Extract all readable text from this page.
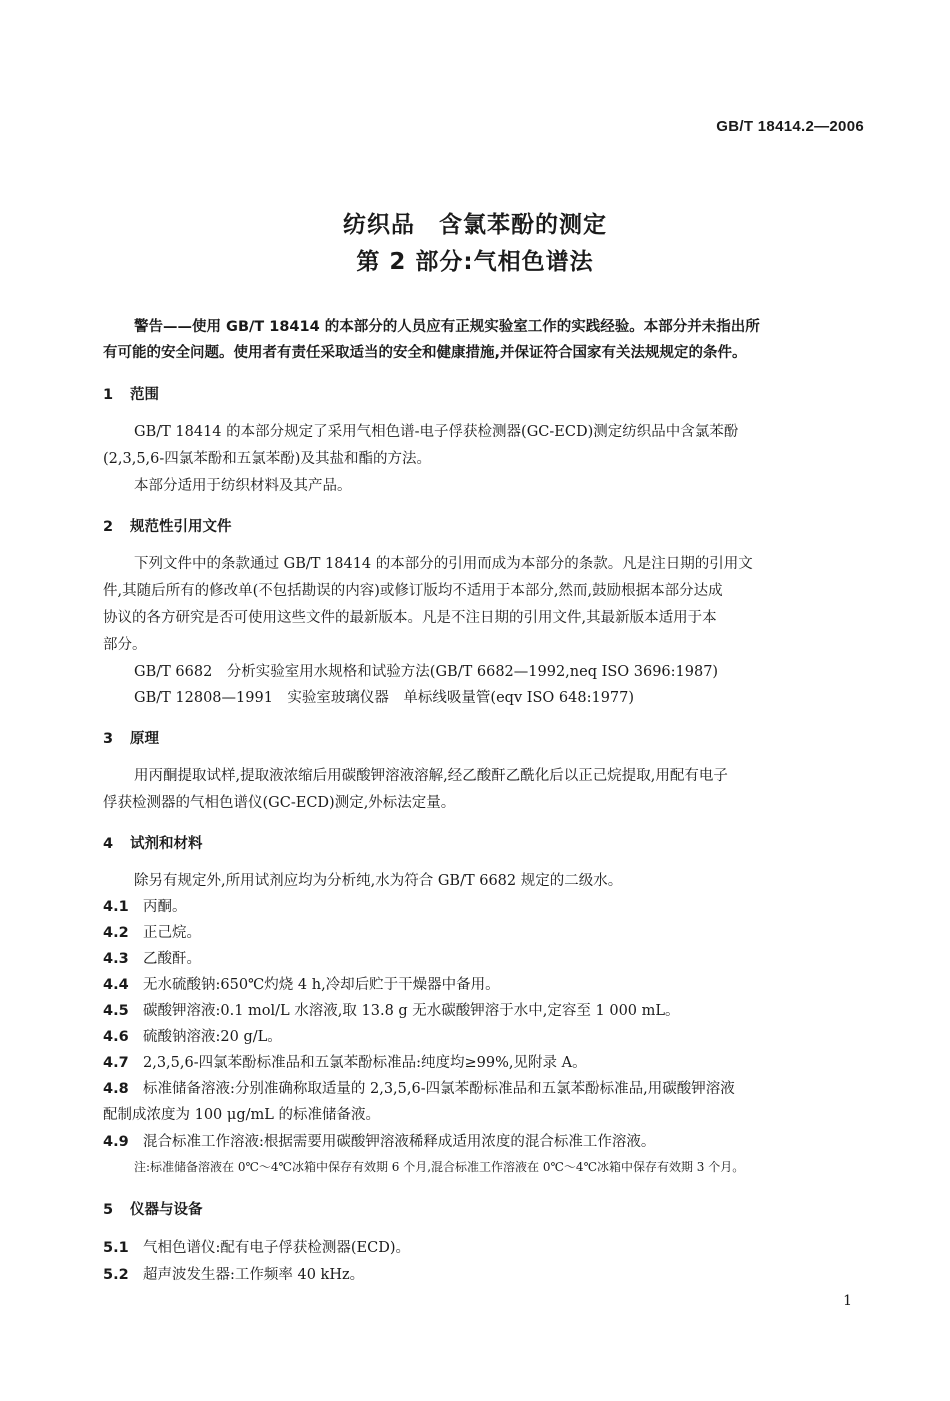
GB/T 18414.2—2006
纺织品　含氯苯酚的测定
第 2 部分:气相色谱法
警告——使用 GB/T 18414 的本部分的人员应有正规实验室工作的实践经验。本部分并未指出所
有可能的安全问题。使用者有责任采取适当的安全和健康措施,并保证符合国家有关法规规定的条件。
1 范围
GB/T 18414 的本部分规定了采用气相色谱-电子俘获检测器(GC-ECD)测定纺织品中含氯苯酚
(2,3,5,6-四氯苯酚和五氯苯酚)及其盐和酯的方法。
本部分适用于纺织材料及其产品。
2 规范性引用文件
下列文件中的条款通过 GB/T 18414 的本部分的引用而成为本部分的条款。凡是注日期的引用文
件,其随后所有的修改单(不包括勘误的内容)或修订版均不适用于本部分,然而,鼓励根据本部分达成
协议的各方研究是否可使用这些文件的最新版本。凡是不注日期的引用文件,其最新版本适用于本
部分。
GB/T 6682　分析实验室用水规格和试验方法(GB/T 6682—1992,neq ISO 3696:1987)
GB/T 12808—1991　实验室玻璃仪器　单标线吸量管(eqv ISO 648:1977)
3 原理
用丙酮提取试样,提取液浓缩后用碳酸钾溶液溶解,经乙酸酐乙酰化后以正己烷提取,用配有电子
俘获检测器的气相色谱仪(GC-ECD)测定,外标法定量。
4 试剂和材料
除另有规定外,所用试剂应均为分析纯,水为符合 GB/T 6682 规定的二级水。
4.1 丙酮。
4.2 正己烷。
4.3 乙酸酐。
4.4 无水硫酸钠:650℃灼烧 4 h,冷却后贮于干燥器中备用。
4.5 碳酸钾溶液:0.1 mol/L 水溶液,取 13.8 g 无水碳酸钾溶于水中,定容至 1 000 mL。
4.6 硫酸钠溶液:20 g/L。
4.7 2,3,5,6-四氯苯酚标准品和五氯苯酚标准品:纯度均≥99%,见附录 A。
4.8 标准储备溶液:分别准确称取适量的 2,3,5,6-四氯苯酚标准品和五氯苯酚标准品,用碳酸钾溶液
配制成浓度为 100 μg/mL 的标准储备液。
4.9 混合标准工作溶液:根据需要用碳酸钾溶液稀释成适用浓度的混合标准工作溶液。
注:标准储备溶液在 0℃～4℃冰箱中保存有效期 6 个月,混合标准工作溶液在 0℃～4℃冰箱中保存有效期 3 个月。
5 仪器与设备
5.1 气相色谱仪:配有电子俘获检测器(ECD)。
5.2 超声波发生器:工作频率 40 kHz。
1
